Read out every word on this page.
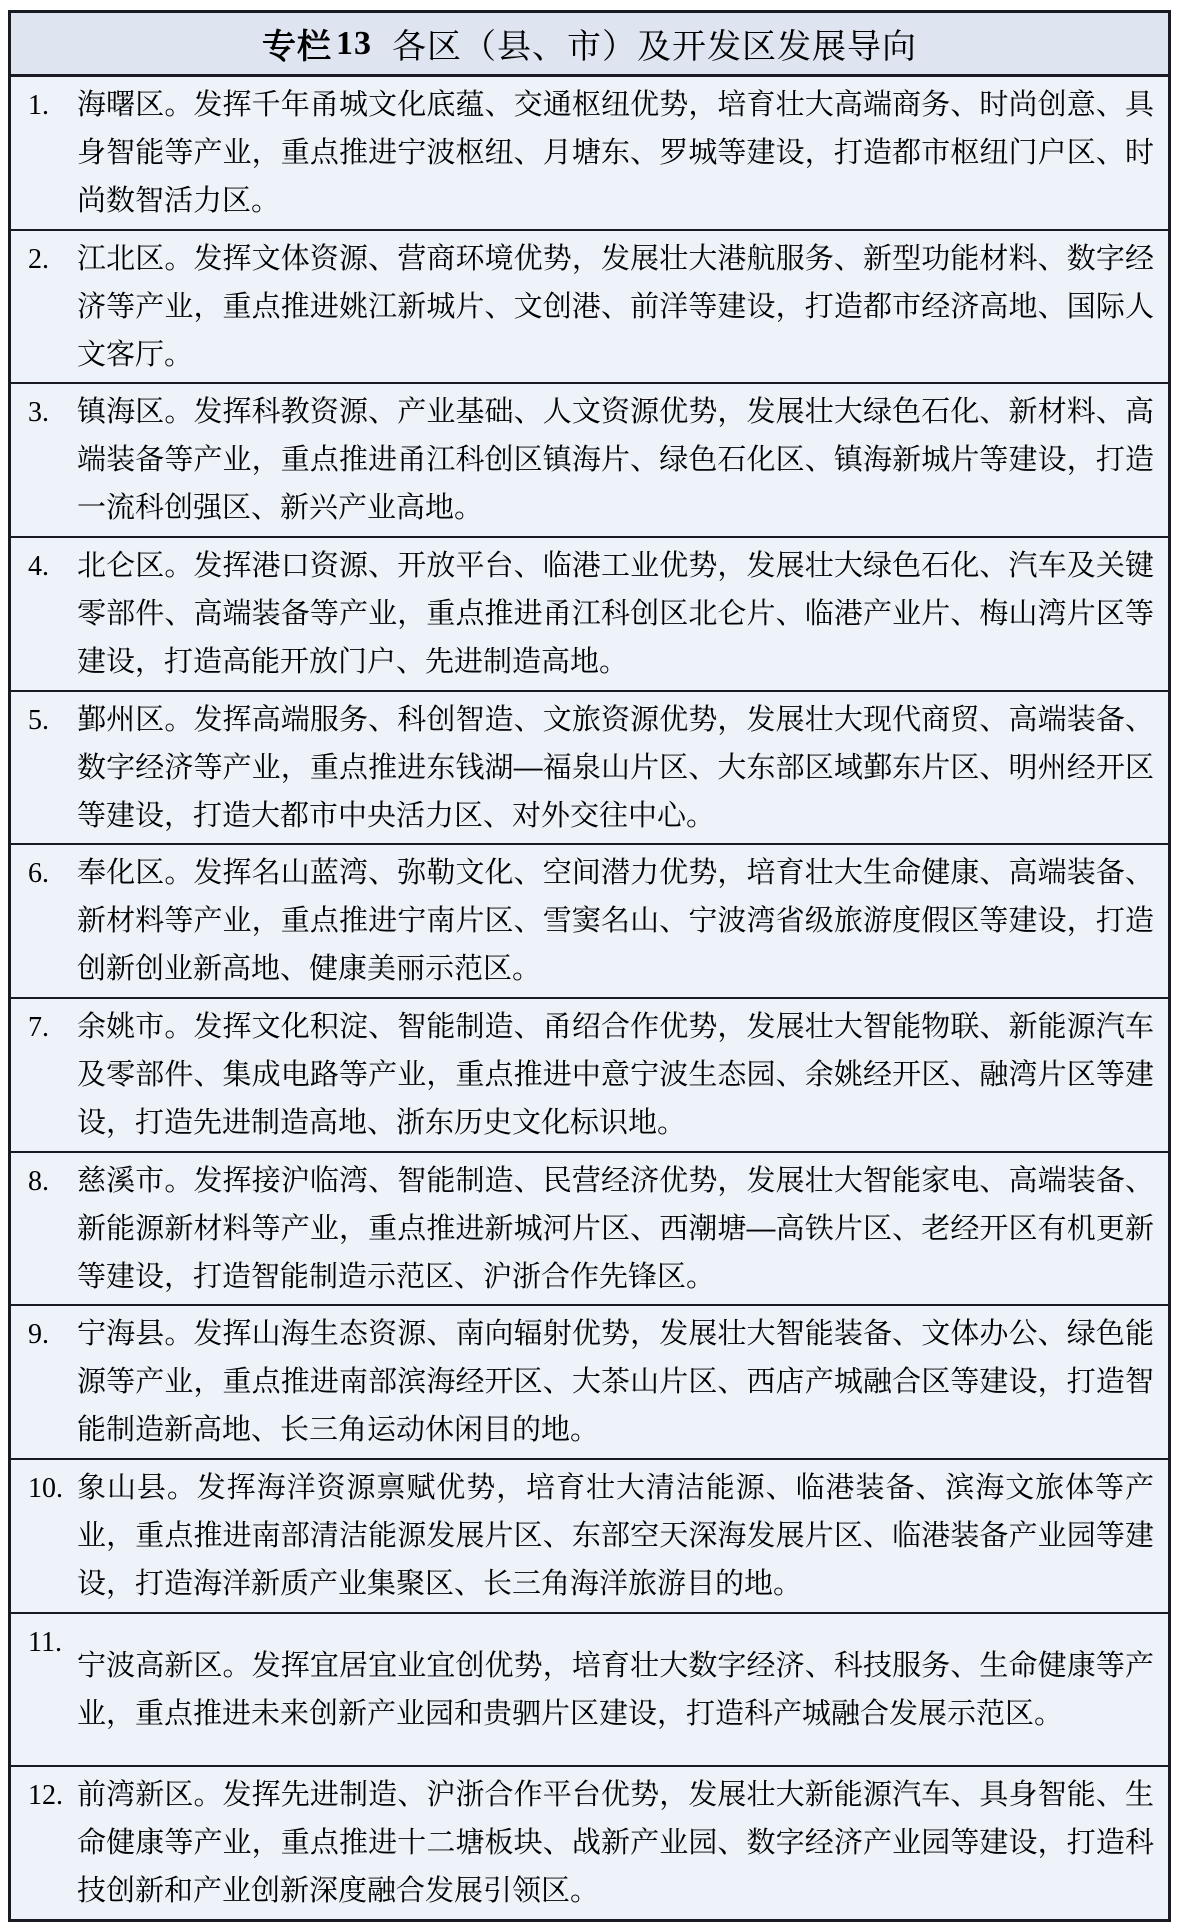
专栏 13 各区（县、市）及开发区发展导向
1. 海曙区。发挥千年甬城文化底蕴、交通枢纽优势，培育壮大高端商务、时尚创意、具身智能等产业，重点推进宁波枢纽、月塘东、罗城等建设，打造都市枢纽门户区、时尚数智活力区。
2. 江北区。发挥文体资源、营商环境优势，发展壮大港航服务、新型功能材料、数字经济等产业，重点推进姚江新城片、文创港、前洋等建设，打造都市经济高地、国际人文客厅。
3. 镇海区。发挥科教资源、产业基础、人文资源优势，发展壮大绿色石化、新材料、高端装备等产业，重点推进甬江科创区镇海片、绿色石化区、镇海新城片等建设，打造一流科创强区、新兴产业高地。
4. 北仑区。发挥港口资源、开放平台、临港工业优势，发展壮大绿色石化、汽车及关键零部件、高端装备等产业，重点推进甬江科创区北仑片、临港产业片、梅山湾片区等建设，打造高能开放门户、先进制造高地。
5. 鄞州区。发挥高端服务、科创智造、文旅资源优势，发展壮大现代商贸、高端装备、数字经济等产业，重点推进东钱湖—福泉山片区、大东部区域鄞东片区、明州经开区等建设，打造大都市中央活力区、对外交往中心。
6. 奉化区。发挥名山蓝湾、弥勒文化、空间潜力优势，培育壮大生命健康、高端装备、新材料等产业，重点推进宁南片区、雪窦名山、宁波湾省级旅游度假区等建设，打造创新创业新高地、健康美丽示范区。
7. 余姚市。发挥文化积淀、智能制造、甬绍合作优势，发展壮大智能物联、新能源汽车及零部件、集成电路等产业，重点推进中意宁波生态园、余姚经开区、融湾片区等建设，打造先进制造高地、浙东历史文化标识地。
8. 慈溪市。发挥接沪临湾、智能制造、民营经济优势，发展壮大智能家电、高端装备、新能源新材料等产业，重点推进新城河片区、西潮塘—高铁片区、老经开区有机更新等建设，打造智能制造示范区、沪浙合作先锋区。
9. 宁海县。发挥山海生态资源、南向辐射优势，发展壮大智能装备、文体办公、绿色能源等产业，重点推进南部滨海经开区、大茶山片区、西店产城融合区等建设，打造智能制造新高地、长三角运动休闲目的地。
10. 象山县。发挥海洋资源禀赋优势，培育壮大清洁能源、临港装备、滨海文旅体等产业，重点推进南部清洁能源发展片区、东部空天深海发展片区、临港装备产业园等建设，打造海洋新质产业集聚区、长三角海洋旅游目的地。
11.
宁波高新区。发挥宜居宜业宜创优势，培育壮大数字经济、科技服务、生命健康等产业，重点推进未来创新产业园和贵驷片区建设，打造科产城融合发展示范区。
12. 前湾新区。发挥先进制造、沪浙合作平台优势，发展壮大新能源汽车、具身智能、生命健康等产业，重点推进十二塘板块、战新产业园、数字经济产业园等建设，打造科技创新和产业创新深度融合发展引领区。
